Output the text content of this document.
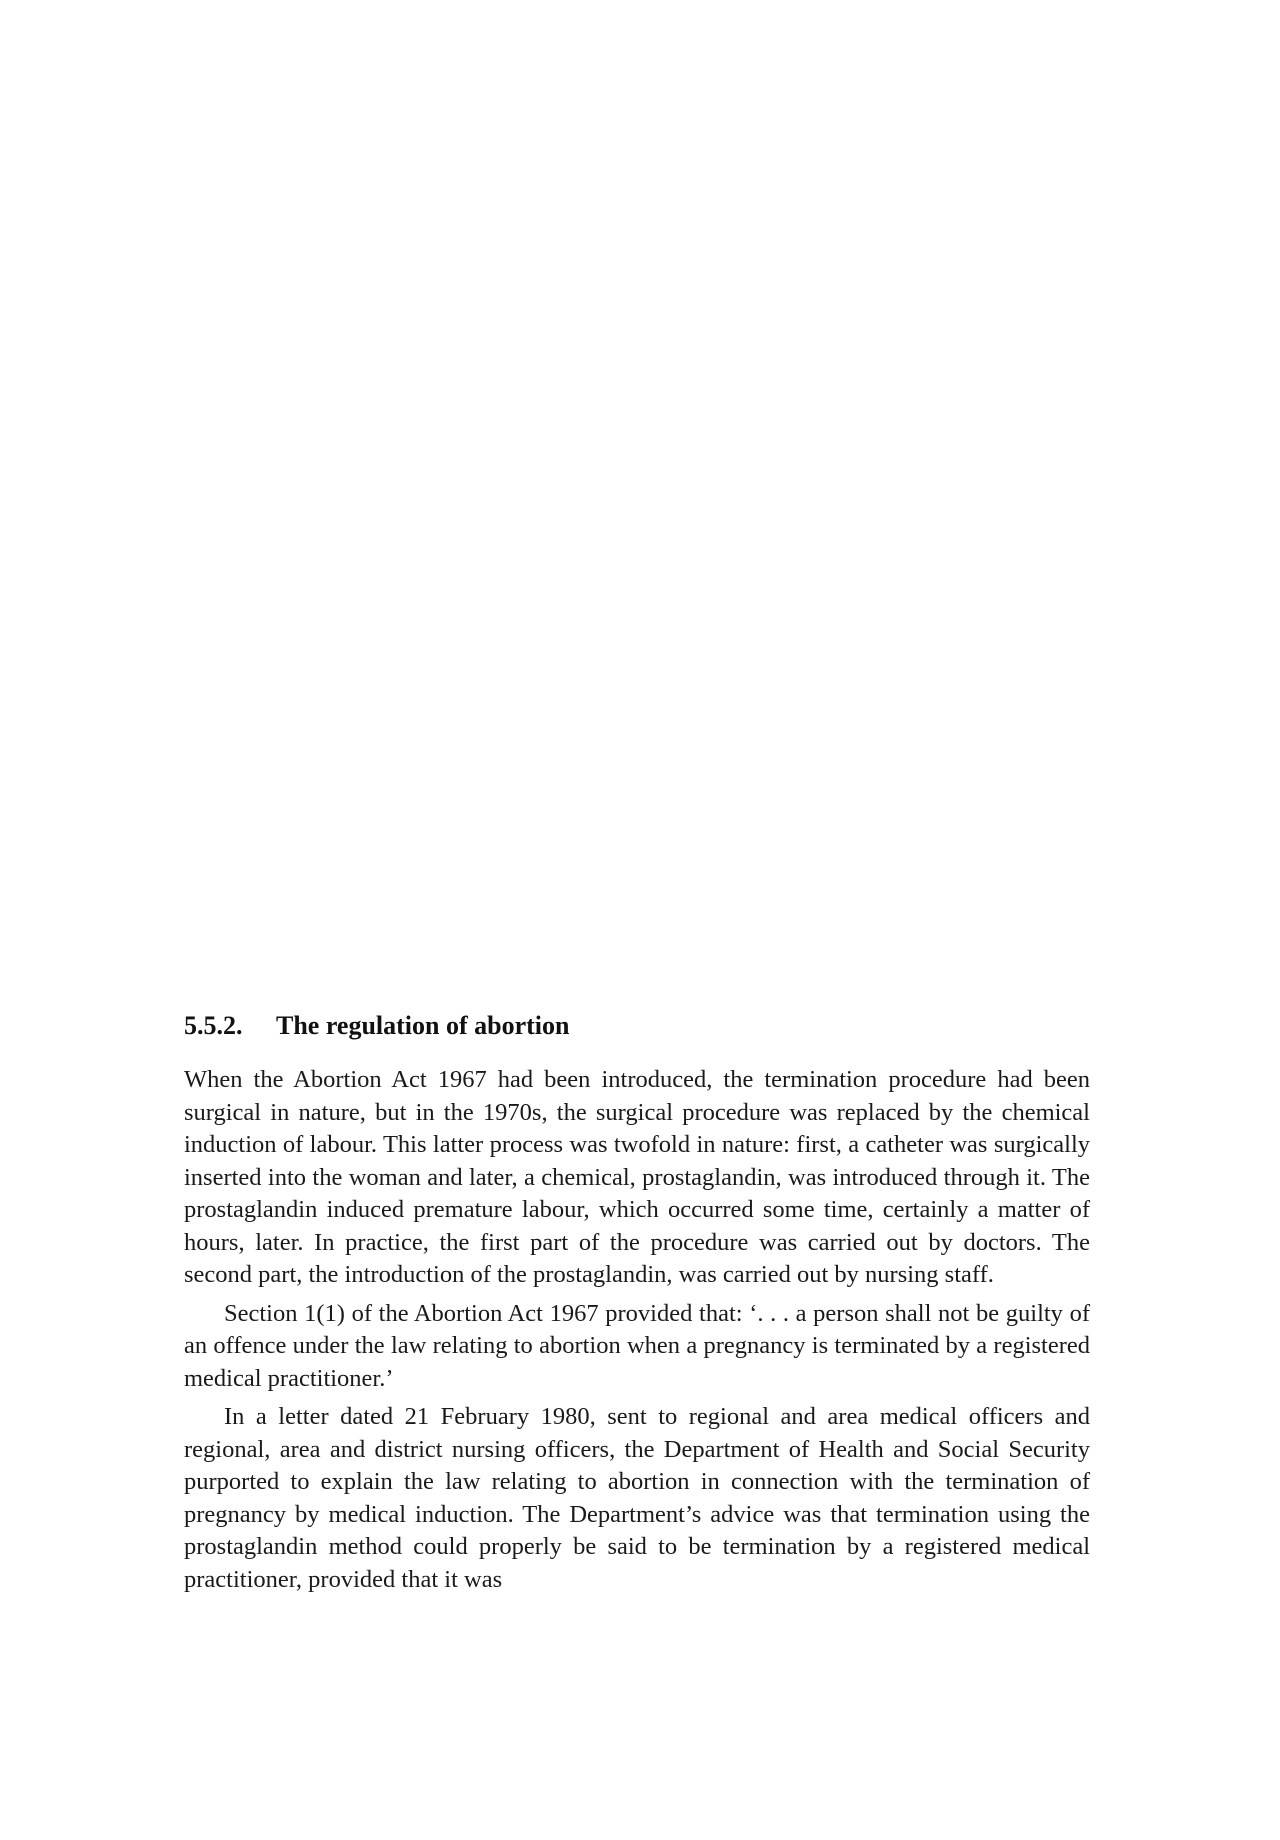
5.5.2.	The regulation of abortion

When the Abortion Act 1967 had been introduced, the termination procedure had been surgical in nature, but in the 1970s, the surgical procedure was replaced by the chemical induction of labour. This latter process was twofold in nature: first, a catheter was surgically inserted into the woman and later, a chemical, prostaglandin, was introduced through it. The prostaglandin induced premature labour, which occurred some time, certainly a matter of hours, later. In practice, the first part of the procedure was carried out by doctors. The second part, the introduction of the prostaglandin, was carried out by nursing staff.

Section 1(1) of the Abortion Act 1967 provided that: ‘. . . a person shall not be guilty of an offence under the law relating to abortion when a pregnancy is terminated by a registered medical practitioner.’

In a letter dated 21 February 1980, sent to regional and area medical officers and regional, area and district nursing officers, the Department of Health and Social Security purported to explain the law relating to abortion in connection with the termination of pregnancy by medical induction. The Department’s advice was that termination using the prostaglandin method could properly be said to be termination by a registered medical practitioner, provided that it was
